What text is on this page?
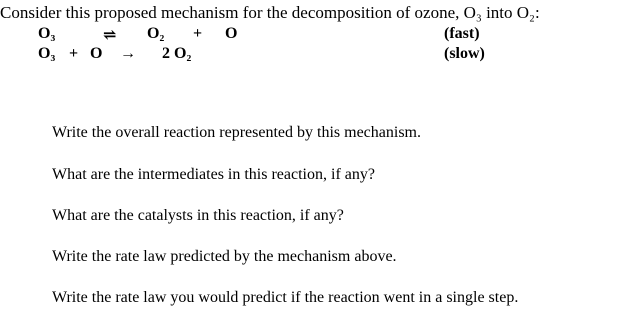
Consider this proposed mechanism for the decomposition of ozone, O₃ into O₂:
O₃	⇌ O₂ + O	(fast)
O₃ + O → 2 O₂	(slow)
Write the overall reaction represented by this mechanism.
What are the intermediates in this reaction, if any?
What are the catalysts in this reaction, if any?
Write the rate law predicted by the mechanism above.
Write the rate law you would predict if the reaction went in a single step.
